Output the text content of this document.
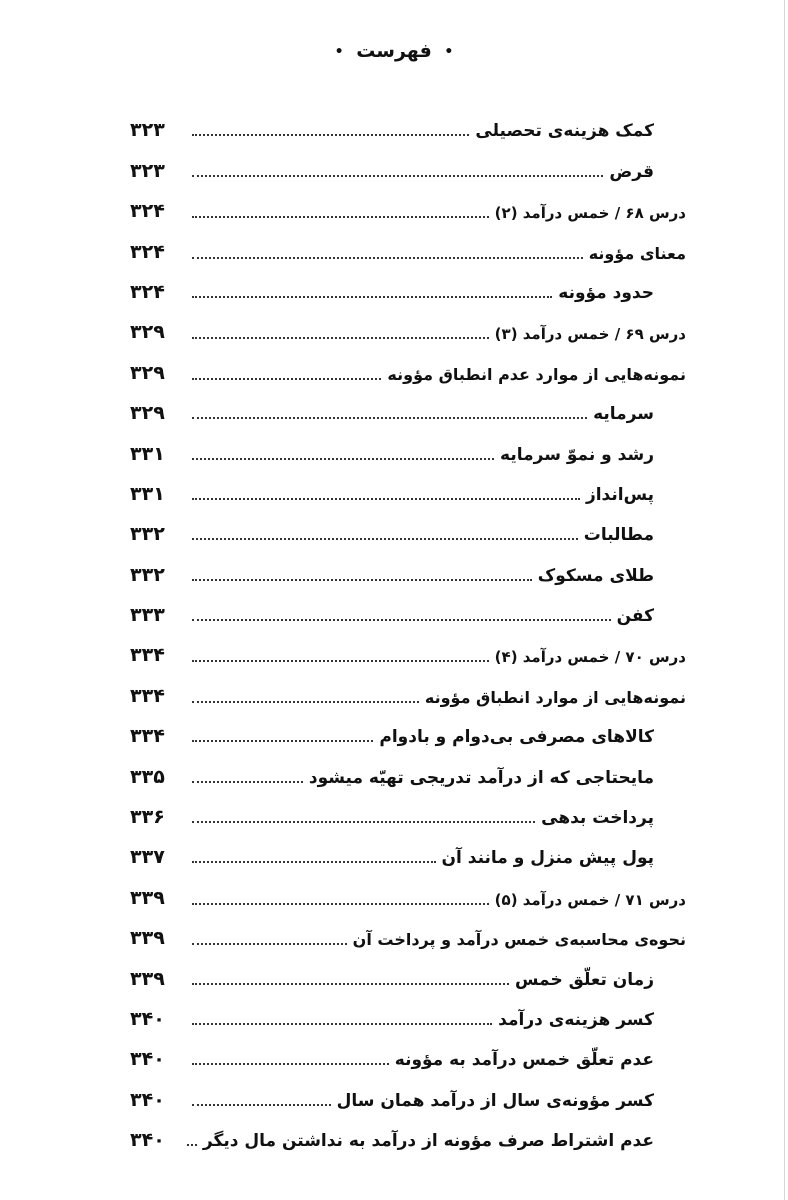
• فهرست •
۳۲۳	کمک هزینه‌ی تحصیلی
۳۲۳	قرض
۳۲۴	درس ۶۸ / خمس درآمد (۲)
۳۲۴	معنای مؤونه
۳۲۴	حدود مؤونه
۳۲۹	درس ۶۹ / خمس درآمد (۳)
۳۲۹	نمونه‌هایی از موارد عدم انطباق مؤونه
۳۲۹	سرمایه
۳۳۱	رشد و نموّ سرمایه
۳۳۱	پس‌انداز
۳۳۲	مطالبات
۳۳۲	طلای مسکوک
۳۳۳	کفن
۳۳۴	درس ۷۰ / خمس درآمد (۴)
۳۳۴	نمونه‌هایی از موارد انطباق مؤونه
۳۳۴	کالاهای مصرفی بی‌دوام و بادوام
۳۳۵	مایحتاجی که از درآمد تدریجی تهیّه میشود
۳۳۶	پرداخت بدهی
۳۳۷	پول پیش منزل و مانند آن
۳۳۹	درس ۷۱ / خمس درآمد (۵)
۳۳۹	نحوه‌ی محاسبه‌ی خمس درآمد و پرداخت آن
۳۳۹	زمان تعلّق خمس
۳۴۰	کسر هزینه‌ی درآمد
۳۴۰	عدم تعلّق خمس درآمد به مؤونه
۳۴۰	کسر مؤونه‌ی سال از درآمد همان سال
۳۴۰	عدم اشتراط صرف مؤونه از درآمد به نداشتن مال دیگر
